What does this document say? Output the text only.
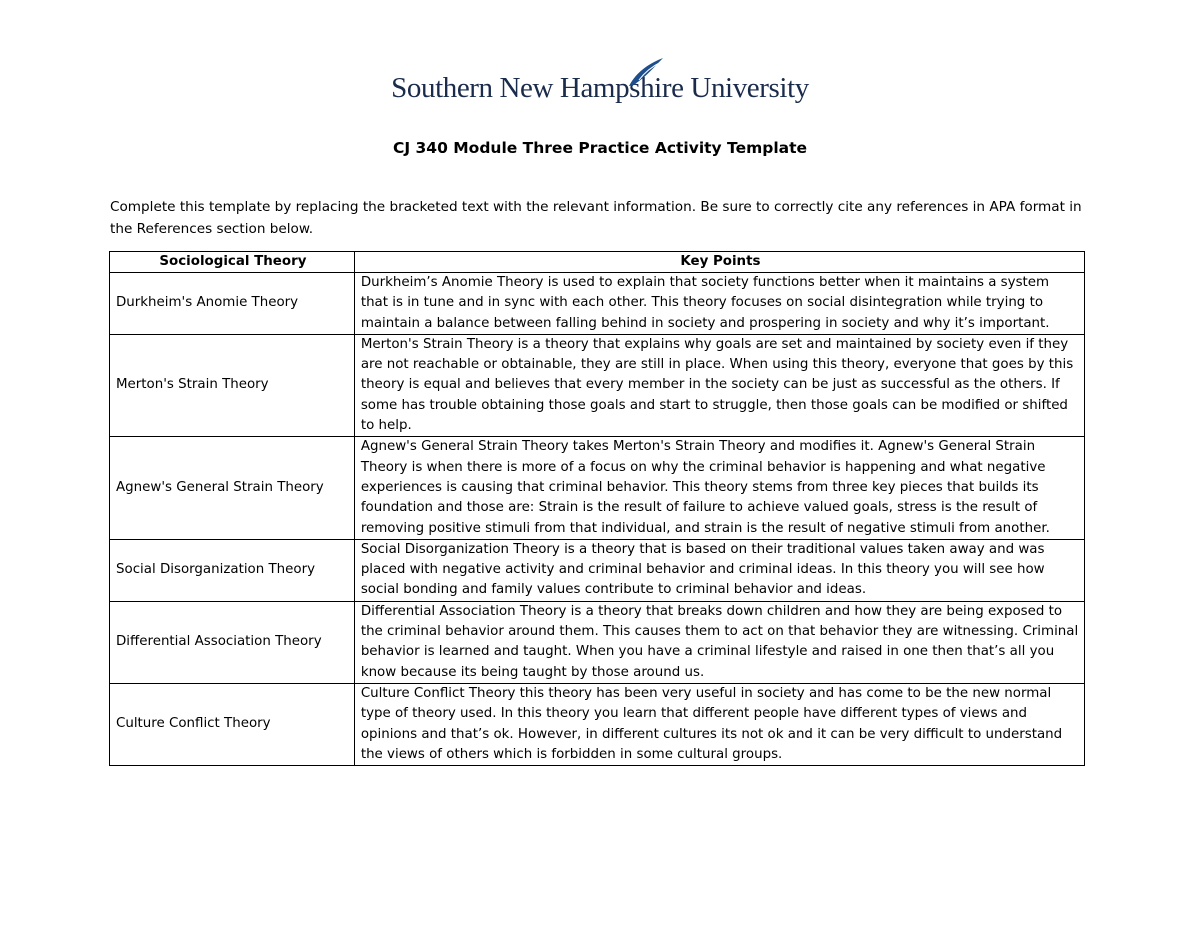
Southern New Hampshire University
CJ 340 Module Three Practice Activity Template

Complete this template by replacing the bracketed text with the relevant information. Be sure to correctly cite any references in APA format in the References section below.

Sociological Theory	Key Points
Durkheim's Anomie Theory	Durkheim’s Anomie Theory is used to explain that society functions better when it maintains a system that is in tune and in sync with each other. This theory focuses on social disintegration while trying to maintain a balance between falling behind in society and prospering in society and why it’s important.
Merton's Strain Theory	Merton's Strain Theory is a theory that explains why goals are set and maintained by society even if they are not reachable or obtainable, they are still in place. When using this theory, everyone that goes by this theory is equal and believes that every member in the society can be just as successful as the others. If some has trouble obtaining those goals and start to struggle, then those goals can be modified or shifted to help.
Agnew's General Strain Theory	Agnew's General Strain Theory takes Merton's Strain Theory and modifies it. Agnew's General Strain Theory is when there is more of a focus on why the criminal behavior is happening and what negative experiences is causing that criminal behavior. This theory stems from three key pieces that builds its foundation and those are: Strain is the result of failure to achieve valued goals, stress is the result of removing positive stimuli from that individual, and strain is the result of negative stimuli from another.
Social Disorganization Theory	Social Disorganization Theory is a theory that is based on their traditional values taken away and was placed with negative activity and criminal behavior and criminal ideas. In this theory you will see how social bonding and family values contribute to criminal behavior and ideas.
Differential Association Theory	Differential Association Theory is a theory that breaks down children and how they are being exposed to the criminal behavior around them. This causes them to act on that behavior they are witnessing. Criminal behavior is learned and taught. When you have a criminal lifestyle and raised in one then that’s all you know because its being taught by those around us.
Culture Conflict Theory	Culture Conflict Theory this theory has been very useful in society and has come to be the new normal type of theory used. In this theory you learn that different people have different types of views and opinions and that’s ok. However, in different cultures its not ok and it can be very difficult to understand the views of others which is forbidden in some cultural groups.
